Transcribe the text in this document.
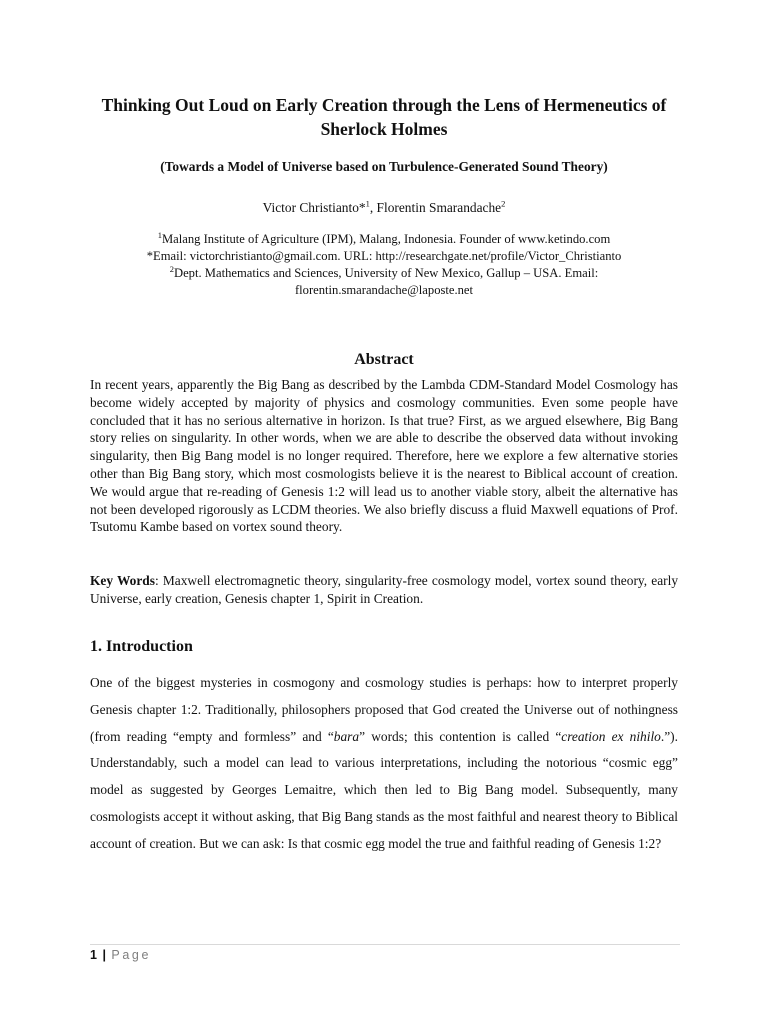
Thinking Out Loud on Early Creation through the Lens of Hermeneutics of Sherlock Holmes
(Towards a Model of Universe based on Turbulence-Generated Sound Theory)
Victor Christianto*$^1$, Florentin Smarandache$^2$
$^1$Malang Institute of Agriculture (IPM), Malang, Indonesia. Founder of www.ketindo.com
*Email: victorchristianto@gmail.com. URL: http://researchgate.net/profile/Victor_Christianto
$^2$Dept. Mathematics and Sciences, University of New Mexico, Gallup – USA. Email:
florentin.smarandache@laposte.net
Abstract
In recent years, apparently the Big Bang as described by the Lambda CDM-Standard Model Cosmology has become widely accepted by majority of physics and cosmology communities. Even some people have concluded that it has no serious alternative in horizon. Is that true? First, as we argued elsewhere, Big Bang story relies on singularity. In other words, when we are able to describe the observed data without invoking singularity, then Big Bang model is no longer required. Therefore, here we explore a few alternative stories other than Big Bang story, which most cosmologists believe it is the nearest to Biblical account of creation. We would argue that re-reading of Genesis 1:2 will lead us to another viable story, albeit the alternative has not been developed rigorously as LCDM theories. We also briefly discuss a fluid Maxwell equations of Prof. Tsutomu Kambe based on vortex sound theory.
Key Words: Maxwell electromagnetic theory, singularity-free cosmology model, vortex sound theory, early Universe, early creation, Genesis chapter 1, Spirit in Creation.
1. Introduction
One of the biggest mysteries in cosmogony and cosmology studies is perhaps: how to interpret properly Genesis chapter 1:2. Traditionally, philosophers proposed that God created the Universe out of nothingness (from reading “empty and formless” and “bara” words; this contention is called “creation ex nihilo.”). Understandably, such a model can lead to various interpretations, including the notorious “cosmic egg” model as suggested by Georges Lemaitre, which then led to Big Bang model. Subsequently, many cosmologists accept it without asking, that Big Bang stands as the most faithful and nearest theory to Biblical account of creation. But we can ask: Is that cosmic egg model the true and faithful reading of Genesis 1:2?
1 | Page
